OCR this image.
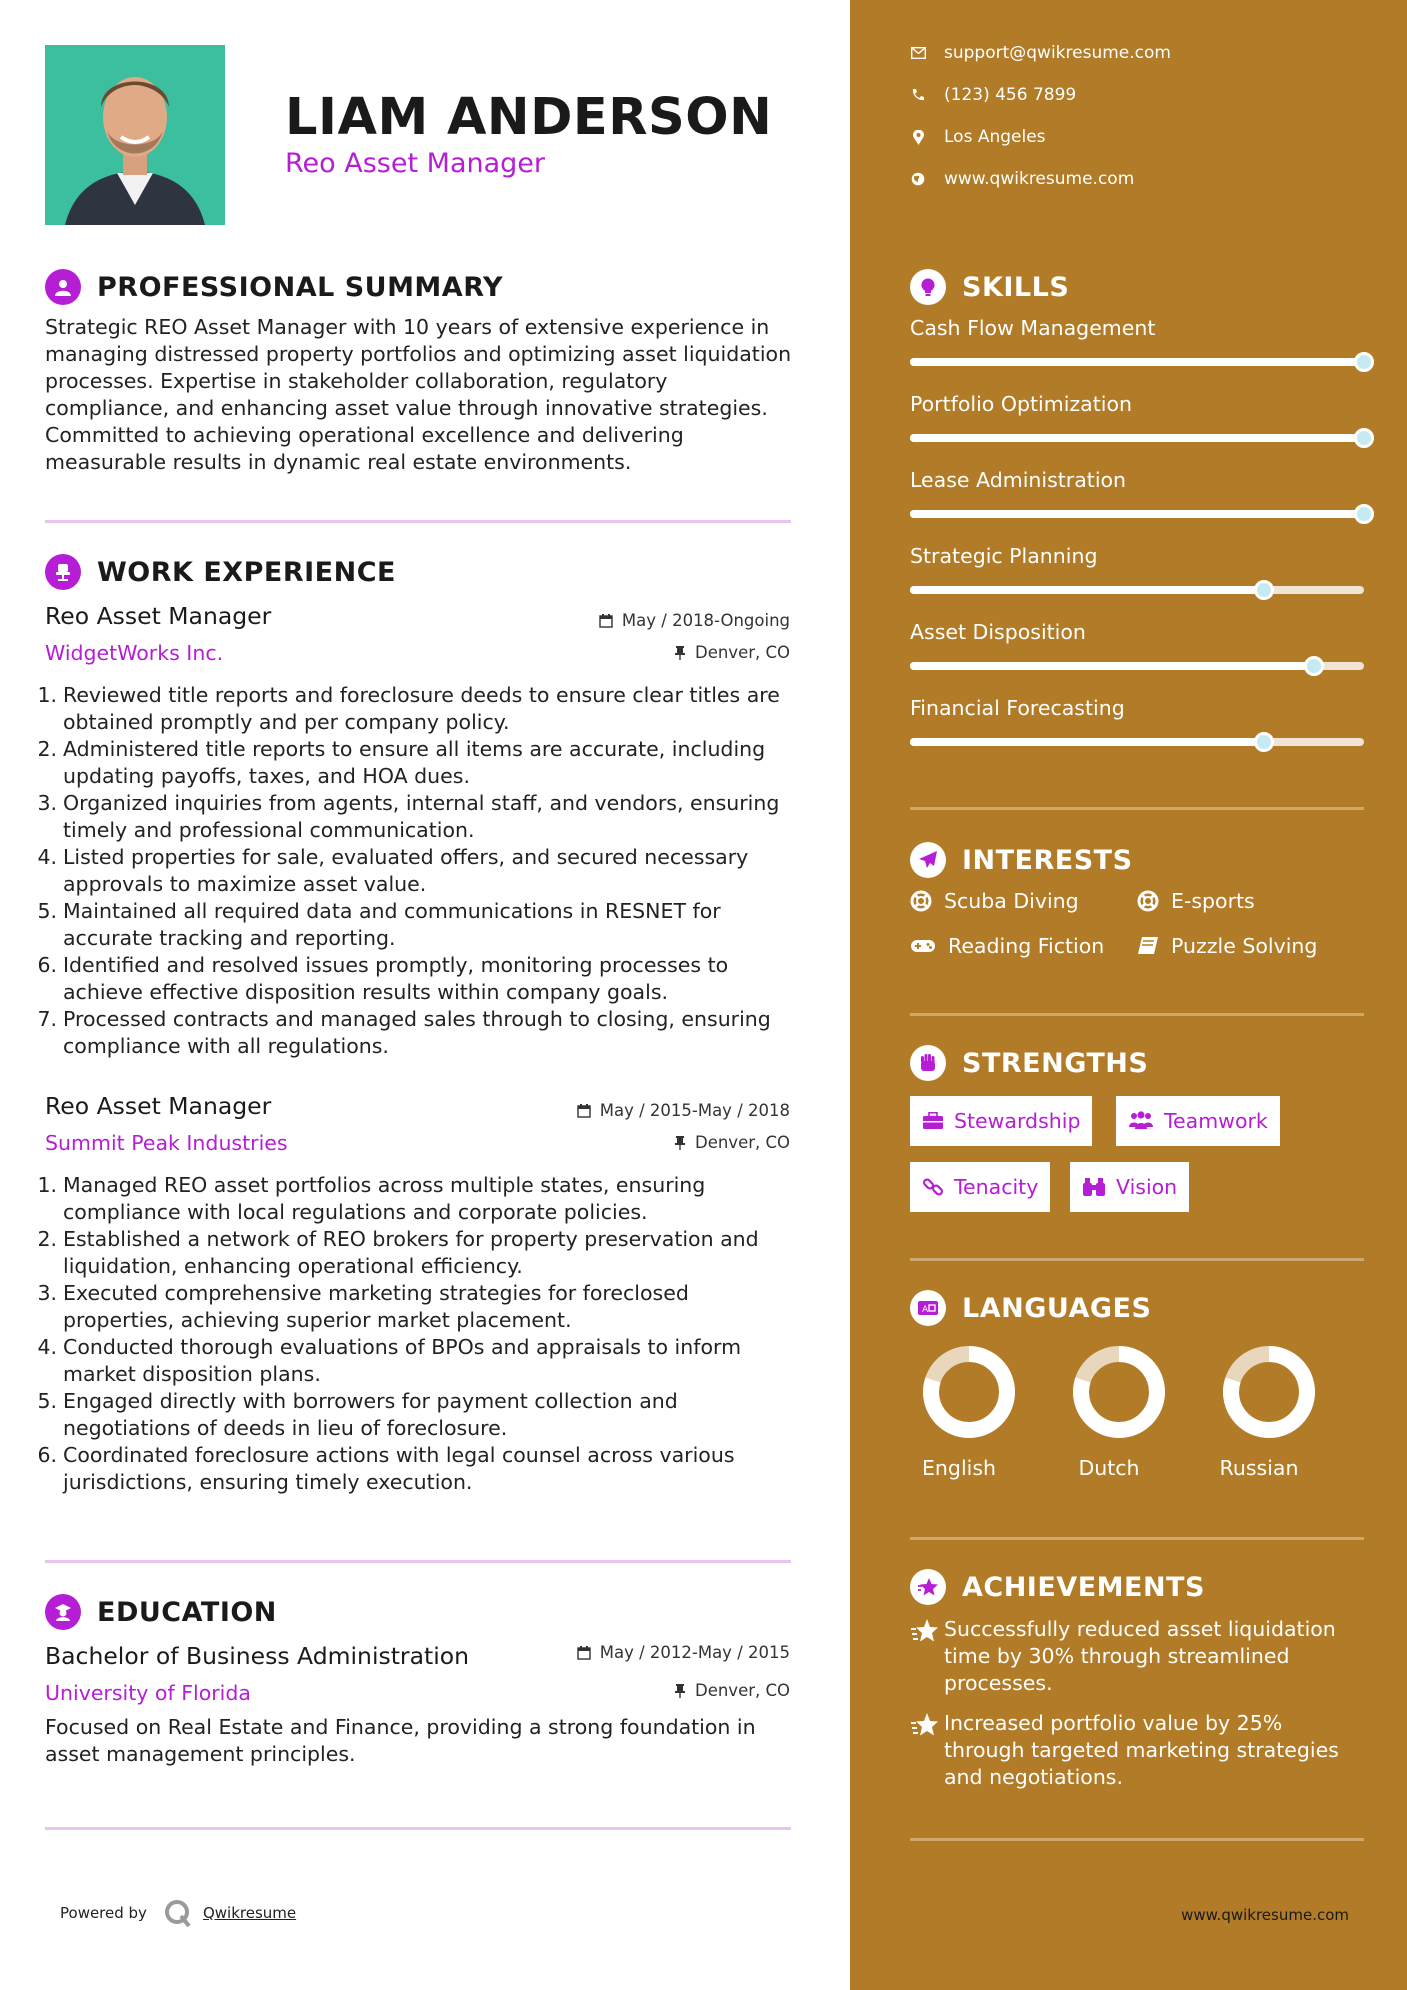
LIAM ANDERSON
Reo Asset Manager
PROFESSIONAL SUMMARY
Strategic REO Asset Manager with 10 years of extensive experience in managing distressed property portfolios and optimizing asset liquidation processes. Expertise in stakeholder collaboration, regulatory compliance, and enhancing asset value through innovative strategies. Committed to achieving operational excellence and delivering measurable results in dynamic real estate environments.
WORK EXPERIENCE
Reo Asset Manager
WidgetWorks Inc.
May / 2018-Ongoing
Denver, CO
1. Reviewed title reports and foreclosure deeds to ensure clear titles are
obtained promptly and per company policy.
2. Administered title reports to ensure all items are accurate, including
updating payoffs, taxes, and HOA dues.
3. Organized inquiries from agents, internal staff, and vendors, ensuring
timely and professional communication.
4. Listed properties for sale, evaluated offers, and secured necessary
approvals to maximize asset value.
5. Maintained all required data and communications in RESNET for
accurate tracking and reporting.
6. Identified and resolved issues promptly, monitoring processes to
achieve effective disposition results within company goals.
7. Processed contracts and managed sales through to closing, ensuring
compliance with all regulations.
Reo Asset Manager
Summit Peak Industries
May / 2015-May / 2018
Denver, CO
1. Managed REO asset portfolios across multiple states, ensuring
compliance with local regulations and corporate policies.
2. Established a network of REO brokers for property preservation and
liquidation, enhancing operational efficiency.
3. Executed comprehensive marketing strategies for foreclosed
properties, achieving superior market placement.
4. Conducted thorough evaluations of BPOs and appraisals to inform
market disposition plans.
5. Engaged directly with borrowers for payment collection and
negotiations of deeds in lieu of foreclosure.
6. Coordinated foreclosure actions with legal counsel across various
jurisdictions, ensuring timely execution.
EDUCATION
Bachelor of Business Administration
University of Florida
May / 2012-May / 2015
Denver, CO
Focused on Real Estate and Finance, providing a strong foundation in asset management principles.
Powered by	Qwikresume
support@qwikresume.com
(123) 456 7899
Los Angeles
www.qwikresume.com
SKILLS
Cash Flow Management
Portfolio Optimization
Lease Administration
Strategic Planning
Asset Disposition
Financial Forecasting
INTERESTS
Scuba Diving	E-sports
Reading Fiction	Puzzle Solving
STRENGTHS
Stewardship	Teamwork
Tenacity	Vision
A LANGUAGES
English	Dutch	Russian
ACHIEVEMENTS
Successfully reduced asset liquidation
time by 30% through streamlined
processes.
Increased portfolio value by 25%
through targeted marketing strategies
and negotiations.
www.qwikresume.com
